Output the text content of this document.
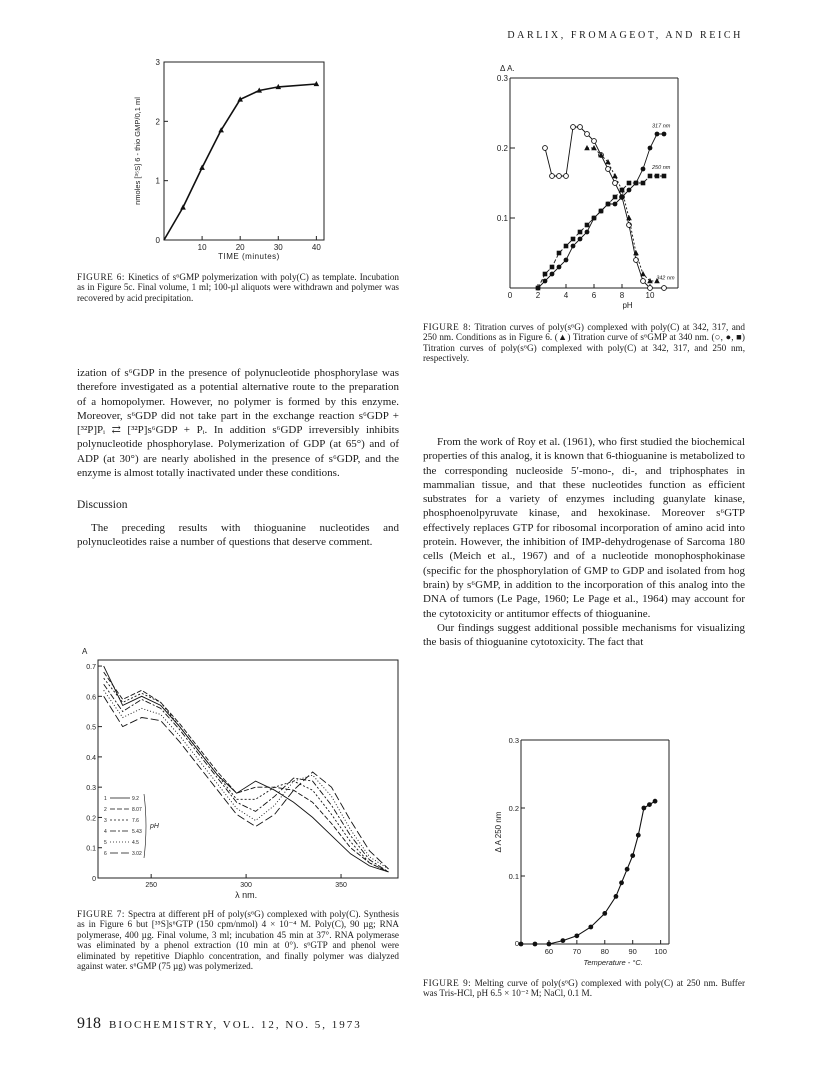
DARLIX, FROMAGEOT, AND REICH
10	20	30	40
0
1
2
3
TIME (minutes)
nmoles [³⁵S] 6 - thio GMP/0,1 ml
FIGURE 6: Kinetics of s⁶GMP polymerization with poly(C) as template. Incubation as in Figure 5c. Final volume, 1 ml; 100-µl aliquots were withdrawn and polymer was recovered by acid precipitation.
Δ A.
0.1
0.2
0.3
0	2	4	6	8	10
pH
317 nm
250 nm
342 nm
FIGURE 8: Titration curves of poly(s⁶G) complexed with poly(C) at 342, 317, and 250 nm. Conditions as in Figure 6. (▲) Titration curve of s⁶GMP at 340 nm. (○, ●, ■) Titration curves of poly(s⁶G) complexed with poly(C) at 342, 317, and 250 nm, respectively.

ization of s⁶GDP in the presence of polynucleotide phosphorylase was therefore investigated as a potential alternative route to the preparation of a homopolymer. However, no polymer is formed by this enzyme. Moreover, s⁶GDP did not take part in the exchange reaction s⁶GDP + [³²P]Pᵢ ⇄ [³²P]s⁶GDP + Pᵢ. In addition s⁶GDP irreversibly inhibits polynucleotide phosphorylase. Polymerization of GDP (at 65°) and of ADP (at 30°) are nearly abolished in the presence of s⁶GDP, and the enzyme is almost totally inactivated under these conditions.

Discussion

The preceding results with thioguanine nucleotides and polynucleotides raise a number of questions that deserve comment.

From the work of Roy et al. (1961), who first studied the biochemical properties of this analog, it is known that 6-thioguanine is metabolized to the corresponding nucleoside 5′-mono-, di-, and triphosphates in mammalian tissue, and that these nucleotides function as efficient substrates for a variety of enzymes including guanylate kinase, phosphoenolpyruvate kinase, and hexokinase. Moreover s⁶GTP effectively replaces GTP for ribosomal incorporation of amino acid into protein. However, the inhibition of IMP-dehydrogenase of Sarcoma 180 cells (Meich et al., 1967) and of a nucleotide monophosphokinase (specific for the phosphorylation of GMP to GDP and isolated from hog brain) by s⁶GMP, in addition to the incorporation of this analog into the DNA of tumors (Le Page, 1960; Le Page et al., 1964) may account for the cytotoxicity or antitumor effects of thioguanine.

Our findings suggest additional possible mechanisms for visualizing the basis of thioguanine cytotoxicity. The fact that

A
0
0.1
0.2
0.3
0.4
0.5
0.6
0.7
250	300	350
λ nm.
1	9.2
2	8.07
3	7.6
4	5.43
5	4.5
6	3.02
pH
FIGURE 7: Spectra at different pH of poly(s⁶G) complexed with poly(C). Synthesis as in Figure 6 but [³⁵S]s⁶GTP (150 cpm/nmol) 4 × 10⁻⁴ M. Poly(C), 90 µg; RNA polymerase, 400 µg. Final volume, 3 ml; incubation 45 min at 37°. RNA polymerase was eliminated by a phenol extraction (10 min at 0°). s⁶GTP and phenol were eliminated by repetitive Diaphlo concentration, and finally polymer was dialyzed against water. s⁶GMP (75 µg) was polymerized.
0.1
0.2
0.3
0
60	70	80	90 100
Temperature - °C.
Δ A 250 nm
FIGURE 9: Melting curve of poly(s⁶G) complexed with poly(C) at 250 nm. Buffer was Tris-HCl, pH 6.5 × 10⁻² M; NaCl, 0.1 M.
918 BIOCHEMISTRY, VOL. 12, NO. 5, 1973
